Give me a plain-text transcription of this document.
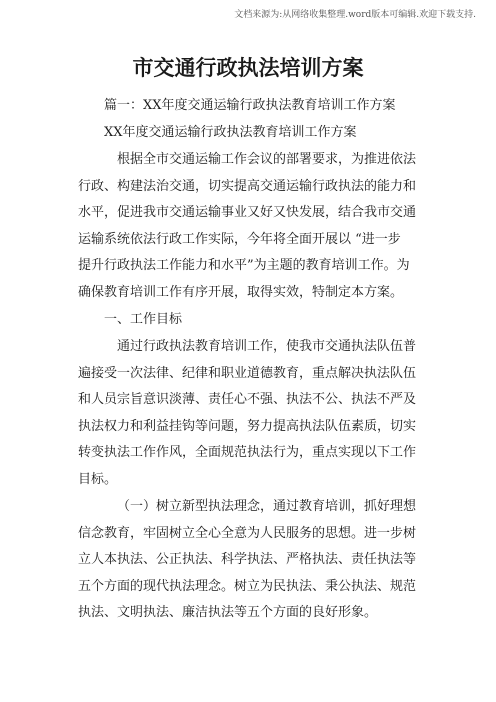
文档来源为:从网络收集整理.word版本可编辑.欢迎下载支持.
市交通行政执法培训方案
篇一：XX年度交通运输行政执法教育培训工作方案
XX年度交通运输行政执法教育培训工作方案
根据全市交通运输工作会议的部署要求，为推进依法
行政、构建法治交通，切实提高交通运输行政执法的能力和
水平，促进我市交通运输事业又好又快发展，结合我市交通
运输系统依法行政工作实际，今年将全面开展以 “进一步
提升行政执法工作能力和水平”为主题的教育培训工作。为
确保教育培训工作有序开展，取得实效，特制定本方案。
一、工作目标
通过行政执法教育培训工作，使我市交通执法队伍普
遍接受一次法律、纪律和职业道德教育，重点解决执法队伍
和人员宗旨意识淡薄、责任心不强、执法不公、执法不严及
执法权力和利益挂钩等问题，努力提高执法队伍素质，切实
转变执法工作作风，全面规范执法行为，重点实现以下工作
目标。
（一）树立新型执法理念，通过教育培训，抓好理想
信念教育，牢固树立全心全意为人民服务的思想。进一步树
立人本执法、公正执法、科学执法、严格执法、责任执法等
五个方面的现代执法理念。树立为民执法、秉公执法、规范
执法、文明执法、廉洁执法等五个方面的良好形象。
